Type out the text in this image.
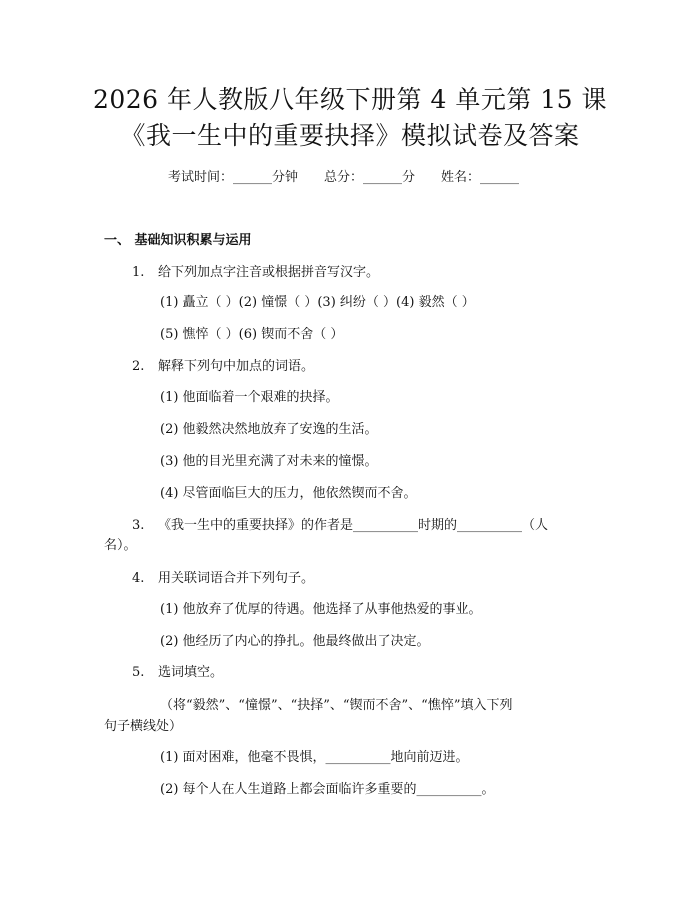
2026 年人教版八年级下册第 4 单元第 15 课
《我一生中的重要抉择》模拟试卷及答案
考试时间：______分钟 总分：______分 姓名：______
一、 基础知识积累与运用
1. 给下列加点字注音或根据拼音写汉字。
(1) 矗立（ ）(2) 憧憬（ ）(3) 纠纷（ ）(4) 毅然（ ）
(5) 憔悴（ ）(6) 锲而不舍（ ）
2. 解释下列句中加点的词语。
(1) 他面临着一个艰难的抉择。
(2) 他毅然决然地放弃了安逸的生活。
(3) 他的目光里充满了对未来的憧憬。
(4) 尽管面临巨大的压力，他依然锲而不舍。
3. 《我一生中的重要抉择》的作者是__________时期的__________（人
名）。
4. 用关联词语合并下列句子。
(1) 他放弃了优厚的待遇。他选择了从事他热爱的事业。
(2) 他经历了内心的挣扎。他最终做出了决定。
5. 选词填空。
（将“毅然”、“憧憬”、“抉择”、“锲而不舍”、“憔悴”填入下列
句子横线处）
(1) 面对困难，他毫不畏惧，__________地向前迈进。
(2) 每个人在人生道路上都会面临许多重要的__________。
